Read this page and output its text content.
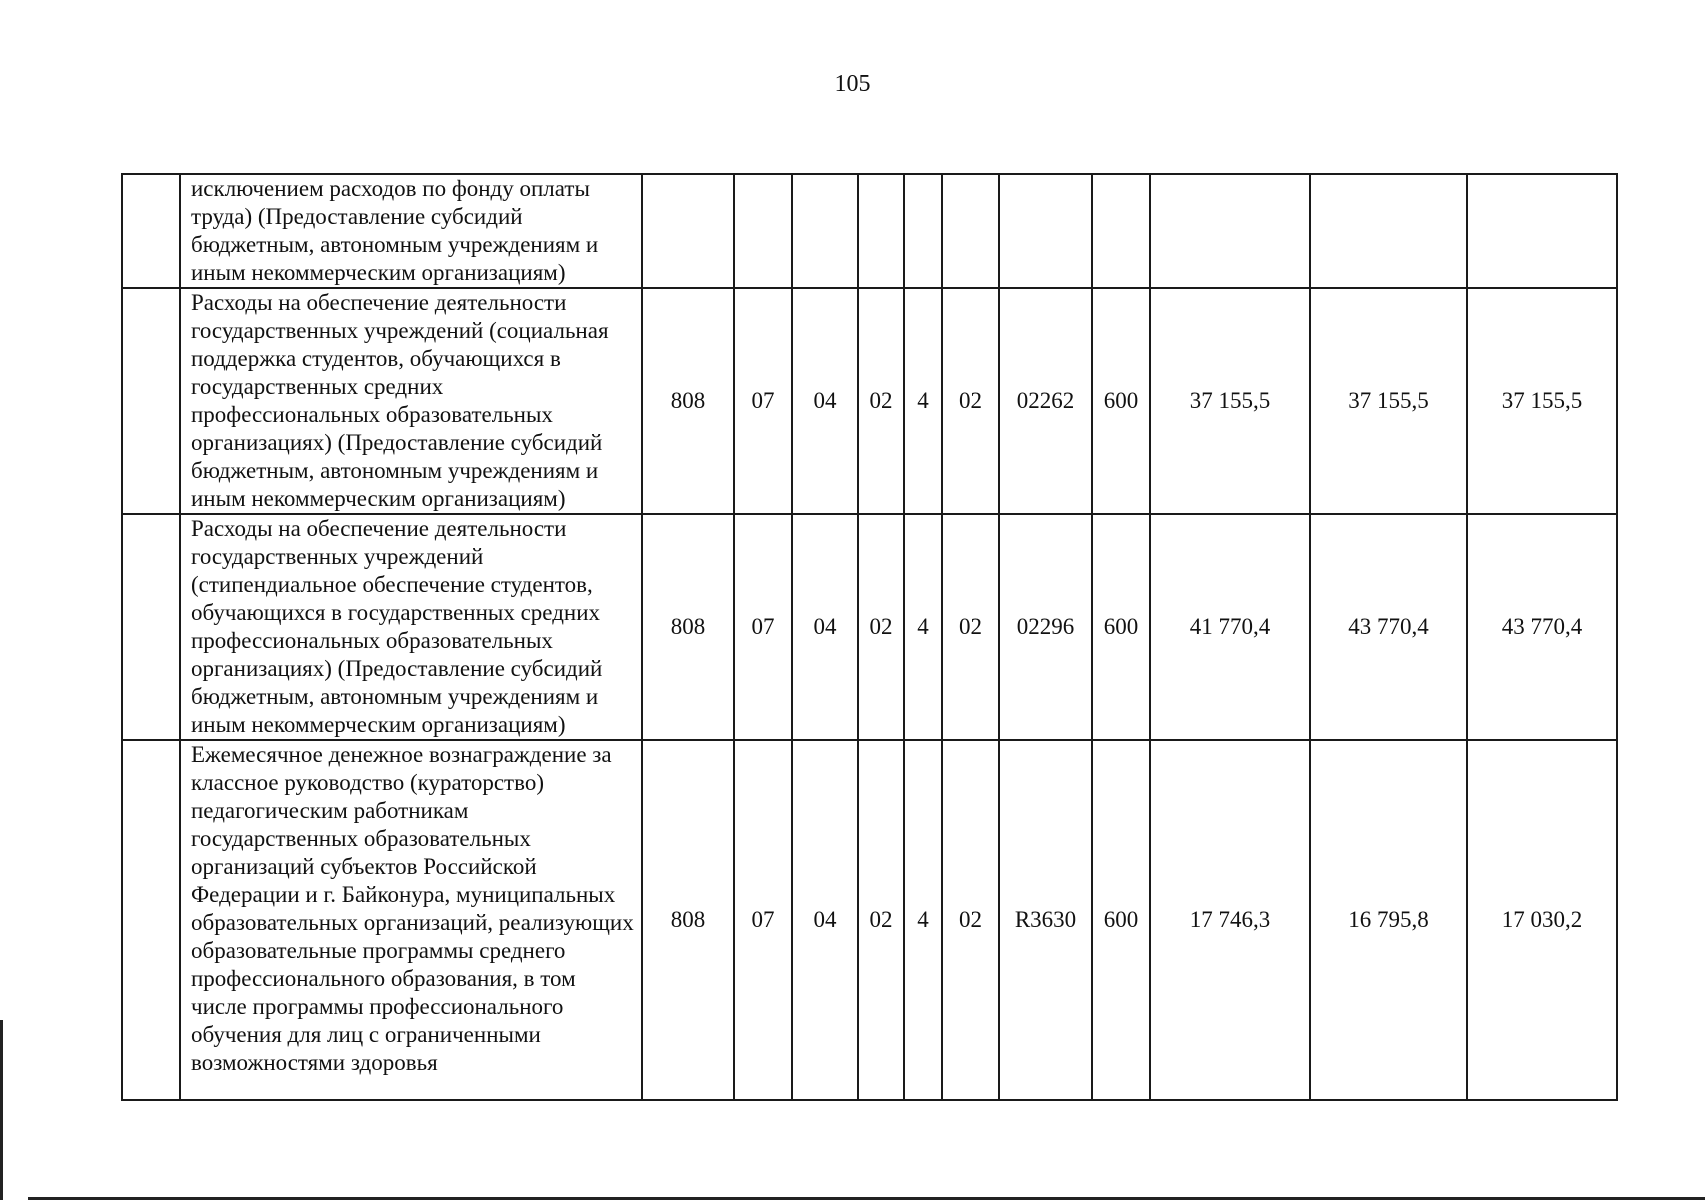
105
	исключением расходов по фонду оплаты труда) (Предоставление субсидий бюджетным, автономным учреждениям и иным некоммерческим организациям)											
	Расходы на обеспечение деятельности государственных учреждений (социальная поддержка студентов, обучающихся в государственных средних профессиональных образовательных организациях) (Предоставление субсидий бюджетным, автономным учреждениям и иным некоммерческим организациям)	808	07	04	02	4	02	02262	600	37 155,5	37 155,5	37 155,5
	Расходы на обеспечение деятельности государственных учреждений (стипендиальное обеспечение студентов, обучающихся в государственных средних профессиональных образовательных организациях) (Предоставление субсидий бюджетным, автономным учреждениям и иным некоммерческим организациям)	808	07	04	02	4	02	02296	600	41 770,4	43 770,4	43 770,4
	Ежемесячное денежное вознаграждение за классное руководство (кураторство) педагогическим работникам государственных образовательных организаций субъектов Российской Федерации и г. Байконура, муниципальных образовательных организаций, реализующих образовательные программы среднего профессионального образования, в том числе программы профессионального обучения для лиц с ограниченными возможностями здоровья	808	07	04	02	4	02	R3630	600	17 746,3	16 795,8	17 030,2
